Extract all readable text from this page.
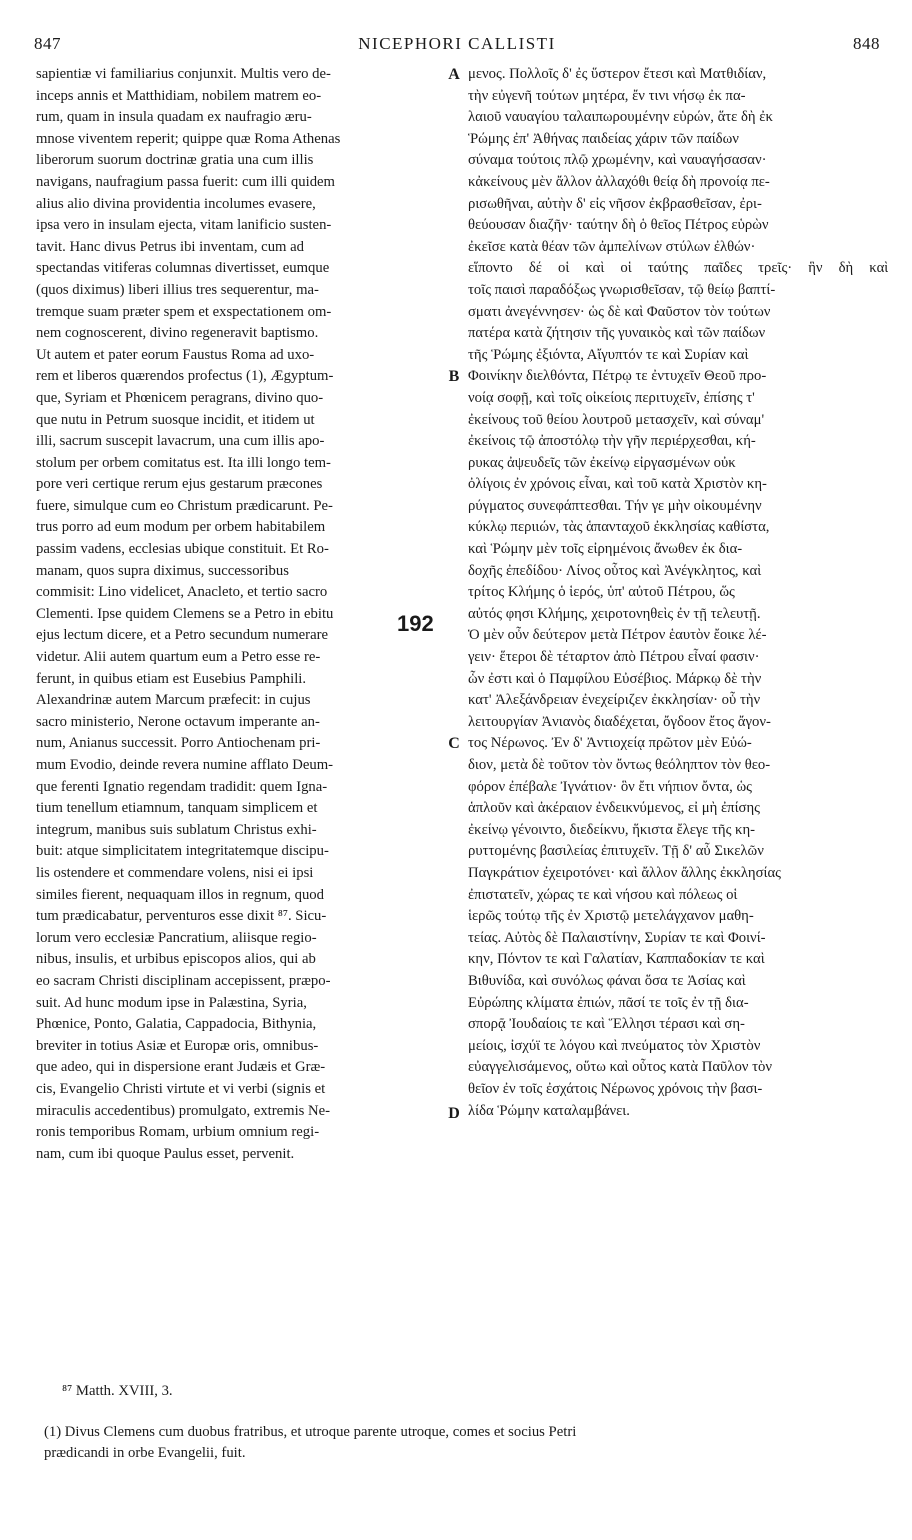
847	NICEPHORI CALLISTI	848
sapientiæ vi familiarius conjunxit. Multis vero de-
inceps annis et Matthidiam, nobilem matrem eo-
rum, quam in insula quadam ex naufragio æru-
mnose viventem reperit; quippe quæ Roma Athenas
liberorum suorum doctrinæ gratia una cum illis
navigans, naufragium passa fuerit: cum illi quidem
alius alio divina providentia incolumes evasere,
ipsa vero in insulam ejecta, vitam lanificio susten-
tavit. Hanc divus Petrus ibi inventam, cum ad
spectandas vitiferas columnas divertisset, eumque
(quos diximus) liberi illius tres sequerentur, ma-
tremque suam præter spem et exspectationem om-
nem cognoscerent, divino regeneravit baptismo.
Ut autem et pater eorum Faustus Roma ad uxo-
rem et liberos quærendos profectus (1), Ægyptum-
que, Syriam et Phœnicem peragrans, divino quo-
que nutu in Petrum suosque incidit, et itidem ut
illi, sacrum suscepit lavacrum, una cum illis apo-
stolum per orbem comitatus est. Ita illi longo tem-
pore veri certique rerum ejus gestarum præcones
fuere, simulque cum eo Christum prædicarunt. Pe-
trus porro ad eum modum per orbem habitabilem
passim vadens, ecclesias ubique constituit. Et Ro-
manam, quos supra diximus, successoribus
commisit: Lino videlicet, Anacleto, et tertio sacro
Clementi. Ipse quidem Clemens se a Petro in ebitu
ejus lectum dicere, et a Petro secundum numerare
videtur. Alii autem quartum eum a Petro esse re-
ferunt, in quibus etiam est Eusebius Pamphili.
Alexandrinæ autem Marcum præfecit: in cujus
sacro ministerio, Nerone octavum imperante an-
num, Anianus successit. Porro Antiochenam pri-
mum Evodio, deinde revera numine afflato Deum-
que ferenti Ignatio regendam tradidit: quem Igna-
tium tenellum etiamnum, tanquam simplicem et
integrum, manibus suis sublatum Christus exhi-
buit: atque simplicitatem integritatemque discipu-
lis ostendere et commendare volens, nisi ei ipsi
similes fierent, nequaquam illos in regnum, quod
tum prædicabatur, perventuros esse dixit ⁸⁷. Sicu-
lorum vero ecclesiæ Pancratium, aliisque regio-
nibus, insulis, et urbibus episcopos alios, qui ab
eo sacram Christi disciplinam accepissent, præpo-
suit. Ad hunc modum ipse in Palæstina, Syria,
Phœnice, Ponto, Galatia, Cappadocia, Bithynia,
breviter in totius Asiæ et Europæ oris, omnibus-
que adeo, qui in dispersione erant Judæis et Græ-
cis, Evangelio Christi virtute et vi verbi (signis et
miraculis accedentibus) promulgato, extremis Ne-
ronis temporibus Romam, urbium omnium regi-
nam, cum ibi quoque Paulus esset, pervenit.
μενος. Πολλοῖς δ' ἐς ὕστερον ἔτεσι καὶ Ματθιδίαν,
τὴν εὐγενῆ τούτων μητέρα, ἔν τινι νήσῳ ἐκ πα-
λαιοῦ ναυαγίου ταλαιπωρουμένην εὑρών, ἅτε δὴ ἐκ
Ῥώμης ἐπ' Ἀθήνας παιδείας χάριν τῶν παίδων
σύναμα τούτοις πλῷ χρωμένην, καὶ ναυαγήσασαν·
κἀκείνους μὲν ἄλλον ἀλλαχόθι θείᾳ δὴ προνοίᾳ πε-
ρισωθῆναι, αὐτὴν δ' εἰς νῆσον ἐκβρασθεῖσαν, ἐρι-
θεύουσαν διαζῆν· ταύτην δὴ ὁ θεῖος Πέτρος εὑρὼν
ἐκεῖσε κατὰ θέαν τῶν ἀμπελίνων στύλων ἐλθών·
εἵποντο δέ οἱ καὶ οἱ ταύτης παῖδες τρεῖς· ἣν δὴ καὶ
τοῖς παισὶ παραδόξως γνωρισθεῖσαν, τῷ θείῳ βαπτί-
σματι ἀνεγέννησεν· ὡς δὲ καὶ Φαῦστον τὸν τούτων
πατέρα κατὰ ζήτησιν τῆς γυναικὸς καὶ τῶν παίδων
τῆς Ῥώμης ἐξιόντα, Αἴγυπτόν τε καὶ Συρίαν καὶ
Φοινίκην διελθόντα, Πέτρῳ τε ἐντυχεῖν Θεοῦ προ-
νοίᾳ σοφῇ, καὶ τοῖς οἰκείοις περιτυχεῖν, ἐπίσης τ'
ἐκείνους τοῦ θείου λουτροῦ μετασχεῖν, καὶ σύναμ'
ἐκείνοις τῷ ἀποστόλῳ τὴν γῆν περιέρχεσθαι, κή-
ρυκας ἀψευδεῖς τῶν ἐκείνῳ εἰργασμένων οὐκ
ὀλίγοις ἐν χρόνοις εἶναι, καὶ τοῦ κατὰ Χριστὸν κη-
ρύγματος συνεφάπτεσθαι. Τήν γε μὴν οἰκουμένην
κύκλῳ περιιών, τὰς ἁπανταχοῦ ἐκκλησίας καθίστα,
καὶ Ῥώμην μὲν τοῖς εἰρημένοις ἄνωθεν ἐκ δια-
δοχῆς ἐπεδίδου· Λίνος οὗτος καὶ Ἀνέγκλητος, καὶ
τρίτος Κλήμης ὁ ἱερός, ὑπ' αὐτοῦ Πέτρου, ὥς
αὐτός φησι Κλήμης, χειροτονηθεὶς ἐν τῇ τελευτῇ.
Ὁ μὲν οὖν δεύτερον μετὰ Πέτρον ἑαυτὸν ἔοικε λέ-
γειν· ἕτεροι δὲ τέταρτον ἀπὸ Πέτρου εἶναί φασιν·
ὧν ἐστι καὶ ὁ Παμφίλου Εὐσέβιος. Μάρκῳ δὲ τὴν
κατ' Ἀλεξάνδρειαν ἐνεχείριζεν ἐκκλησίαν· οὗ τὴν
λειτουργίαν Ἀνιανὸς διαδέχεται, ὄγδοον ἔτος ἄγον-
τος Νέρωνος. Ἐν δ' Ἀντιοχείᾳ πρῶτον μὲν Εὐώ-
διον, μετὰ δὲ τοῦτον τὸν ὄντως θεόληπτον τὸν θεο-
φόρον ἐπέβαλε Ἰγνάτιον· ὃν ἔτι νήπιον ὄντα, ὡς
ἁπλοῦν καὶ ἀκέραιον ἐνδεικνύμενος, εἰ μὴ ἐπίσης
ἐκείνῳ γένοιντο, διεδείκνυ, ἥκιστα ἔλεγε τῆς κη-
ρυττομένης βασιλείας ἐπιτυχεῖν. Τῇ δ' αὖ Σικελῶν
Παγκράτιον ἐχειροτόνει· καὶ ἄλλον ἄλλης ἐκκλησίας
ἐπιστατεῖν, χώρας τε καὶ νήσου καὶ πόλεως οἱ
ἱερῶς τούτῳ τῆς ἐν Χριστῷ μετελάγχανον μαθη-
τείας. Αὐτὸς δὲ Παλαιστίνην, Συρίαν τε καὶ Φοινί-
κην, Πόντον τε καὶ Γαλατίαν, Καππαδοκίαν τε καὶ
Βιθυνίδα, καὶ συνόλως φάναι ὅσα τε Ἀσίας καὶ
Εὐρώπης κλίματα ἐπιών, πᾶσί τε τοῖς ἐν τῇ δια-
σπορᾷ Ἰουδαίοις τε καὶ Ἕλλησι τέρασι καὶ ση-
μείοις, ἰσχύϊ τε λόγου καὶ πνεύματος τὸν Χριστὸν
εὐαγγελισάμενος, οὕτω καὶ οὗτος κατὰ Παῦλον τὸν
θεῖον ἐν τοῖς ἐσχάτοις Νέρωνος χρόνοις τὴν βασι-
λίδα Ῥώμην καταλαμβάνει.
A
B
C
D
192
⁸⁷ Matth. XVIII, 3.
(1) Divus Clemens cum duobus fratribus, et utroque parente utroque, comes et socius Petri
prædicandi in orbe Evangelii, fuit.
